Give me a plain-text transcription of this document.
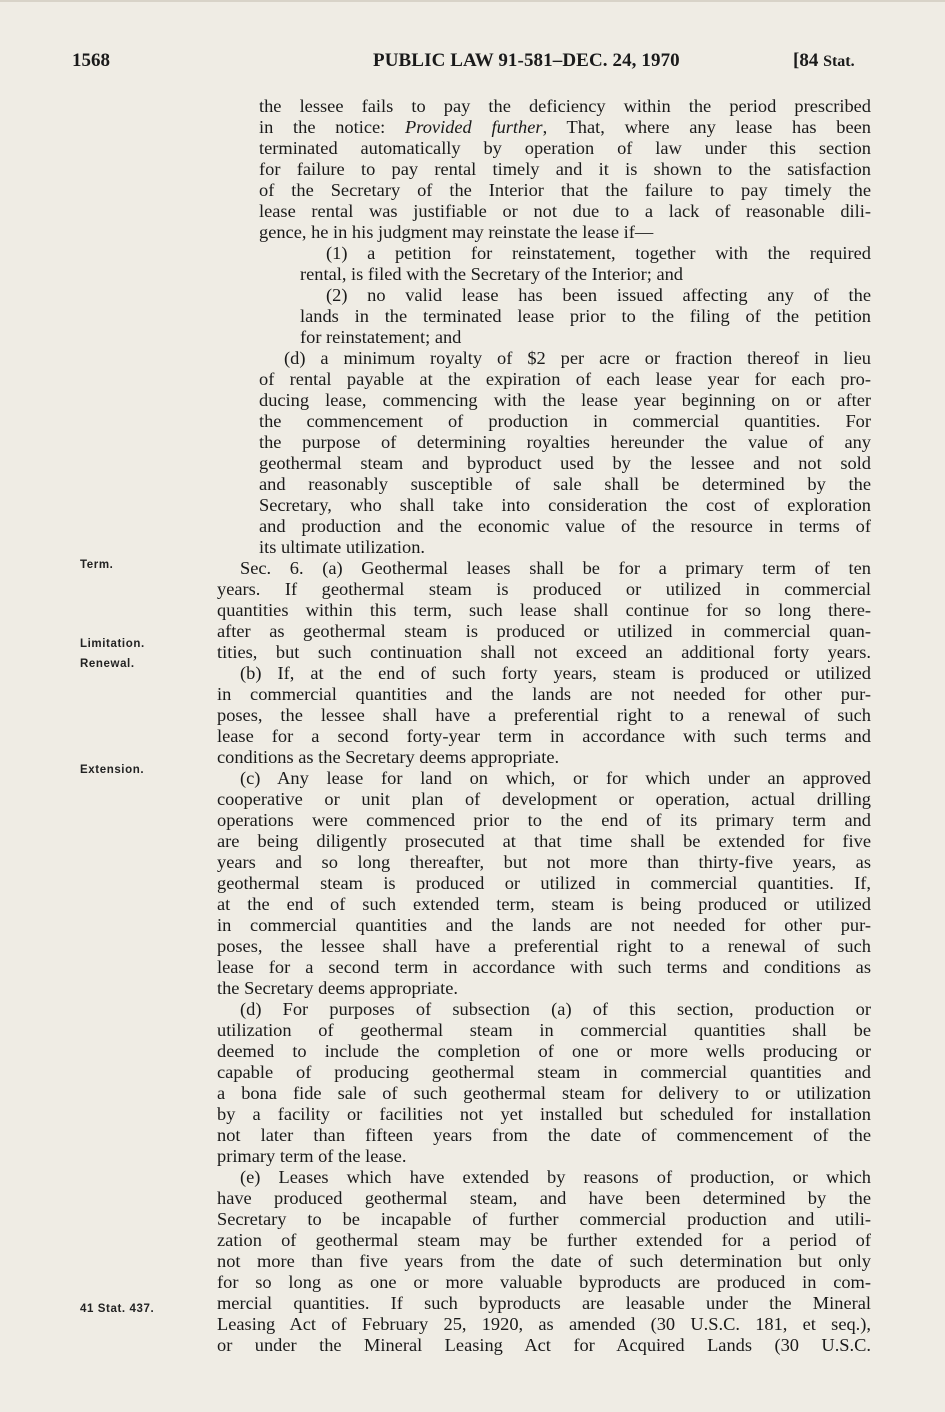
1568	PUBLIC LAW 91-581–DEC. 24, 1970	[84 Stat.
Term.
Limitation.
Renewal.
Extension.
41 Stat. 437.
the lessee fails to pay the deficiency within the period prescribed
in the notice: Provided further, That, where any lease has been
terminated automatically by operation of law under this section
for failure to pay rental timely and it is shown to the satisfaction
of the Secretary of the Interior that the failure to pay timely the
lease rental was justifiable or not due to a lack of reasonable dili-
gence, he in his judgment may reinstate the lease if—
(1) a petition for reinstatement, together with the required
rental, is filed with the Secretary of the Interior; and
(2) no valid lease has been issued affecting any of the
lands in the terminated lease prior to the filing of the petition
for reinstatement; and
(d) a minimum royalty of $2 per acre or fraction thereof in lieu
of rental payable at the expiration of each lease year for each pro-
ducing lease, commencing with the lease year beginning on or after
the commencement of production in commercial quantities. For
the purpose of determining royalties hereunder the value of any
geothermal steam and byproduct used by the lessee and not sold
and reasonably susceptible of sale shall be determined by the
Secretary, who shall take into consideration the cost of exploration
and production and the economic value of the resource in terms of
its ultimate utilization.
Sec. 6. (a) Geothermal leases shall be for a primary term of ten
years. If geothermal steam is produced or utilized in commercial
quantities within this term, such lease shall continue for so long there-
after as geothermal steam is produced or utilized in commercial quan-
tities, but such continuation shall not exceed an additional forty years.
(b) If, at the end of such forty years, steam is produced or utilized
in commercial quantities and the lands are not needed for other pur-
poses, the lessee shall have a preferential right to a renewal of such
lease for a second forty-year term in accordance with such terms and
conditions as the Secretary deems appropriate.
(c) Any lease for land on which, or for which under an approved
cooperative or unit plan of development or operation, actual drilling
operations were commenced prior to the end of its primary term and
are being diligently prosecuted at that time shall be extended for five
years and so long thereafter, but not more than thirty-five years, as
geothermal steam is produced or utilized in commercial quantities. If,
at the end of such extended term, steam is being produced or utilized
in commercial quantities and the lands are not needed for other pur-
poses, the lessee shall have a preferential right to a renewal of such
lease for a second term in accordance with such terms and conditions as
the Secretary deems appropriate.
(d) For purposes of subsection (a) of this section, production or
utilization of geothermal steam in commercial quantities shall be
deemed to include the completion of one or more wells producing or
capable of producing geothermal steam in commercial quantities and
a bona fide sale of such geothermal steam for delivery to or utilization
by a facility or facilities not yet installed but scheduled for installation
not later than fifteen years from the date of commencement of the
primary term of the lease.
(e) Leases which have extended by reasons of production, or which
have produced geothermal steam, and have been determined by the
Secretary to be incapable of further commercial production and utili-
zation of geothermal steam may be further extended for a period of
not more than five years from the date of such determination but only
for so long as one or more valuable byproducts are produced in com-
mercial quantities. If such byproducts are leasable under the Mineral
Leasing Act of February 25, 1920, as amended (30 U.S.C. 181, et seq.),
or under the Mineral Leasing Act for Acquired Lands (30 U.S.C.
